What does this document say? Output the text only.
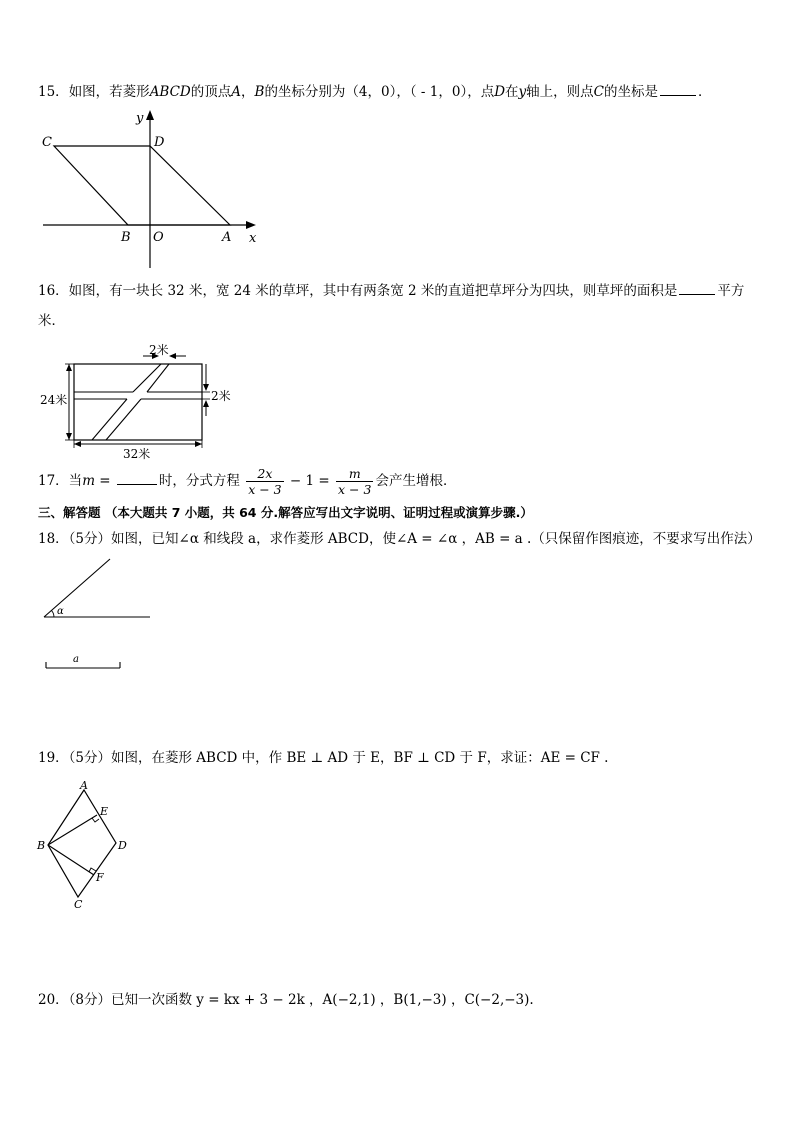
15．如图，若菱形ABCD的顶点A，B的坐标分别为（4，0），（ - 1，0），点D在y轴上，则点C的坐标是	．
C	D
B O	A x
y
16．如图，有一块长 32 米，宽 24 米的草坪，其中有两条宽 2 米的直道把草坪分为四块，则草坪的面积是	平方
米．
2米
2米
24米
32米
17．当m =	时，分式方程 $\frac{2x}{x - 3} - 1 = \frac{m}{x - 3}$ 会产生增根．
三、解答题 （本大题共 7 小题，共 64 分.解答应写出文字说明、证明过程或演算步骤.）
18．（5分）如图，已知∠α 和线段 a，求作菱形 ABCD，使∠A = ∠α ，AB = a .（只保留作图痕迹，不要求写出作法）
α
a
19．（5分）如图，在菱形 ABCD 中，作 BE ⊥ AD 于 E，BF ⊥ CD 于 F，求证：AE = CF .
A
E
B	D
F
C
20．（8分）已知一次函数 y = kx + 3 − 2k ，A(−2,1) ，B(1,−3) ，C(−2,−3).
